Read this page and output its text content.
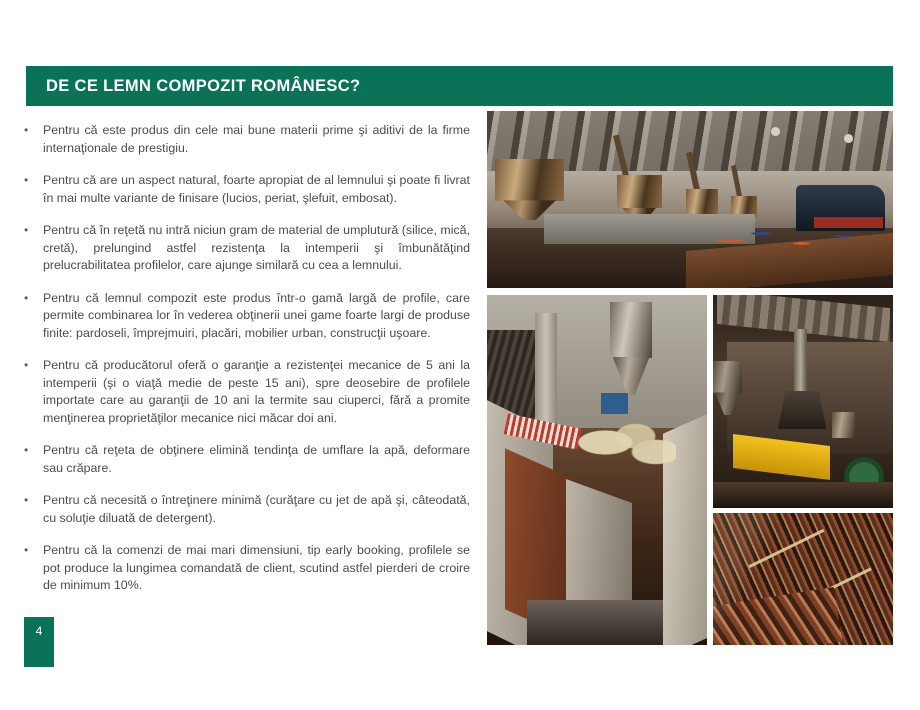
DE CE LEMN COMPOZIT ROMÂNESC?
•	Pentru că este produs din cele mai bune materii prime şi aditivi de la firme internaţionale de prestigiu.
•	Pentru că are un aspect natural, foarte apropiat de al lemnului şi poate fi livrat în mai multe variante de finisare (lucios, periat, şlefuit, embosat).
•	Pentru că în reţetă nu intră niciun gram de material de umplutură (silice, mică, cretă), prelungind astfel rezistenţa la intemperii şi îmbunătăţind prelucrabilitatea profilelor, care ajunge similară cu cea a lemnului.
•	Pentru că lemnul compozit este produs într-o gamă largă de profile, care permite combinarea lor în vederea obţinerii unei game foarte largi de produse finite: pardoseli, împrejmuiri, placări, mobilier urban, construcţii uşoare.
•	Pentru că producătorul oferă o garanţie a rezistenţei mecanice de 5 ani la intemperii (şi o viaţă medie de peste 15 ani), spre deosebire de profilele importate care au garanţii de 10 ani la termite sau ciuperci, fără a promite menţinerea proprietăţilor mecanice nici măcar doi ani.
•	Pentru că reţeta de obţinere elimină tendinţa de umflare la apă, deformare sau crăpare.
•	Pentru că necesită o întreţinere minimă (curăţare cu jet de apă şi, câteodată, cu soluţie diluată de detergent).
•	Pentru că la comenzi de mai mari dimensiuni, tip early booking, profilele se pot produce la lungimea comandată de client, scutind astfel pierderi de croire de minimum 10%.
4
